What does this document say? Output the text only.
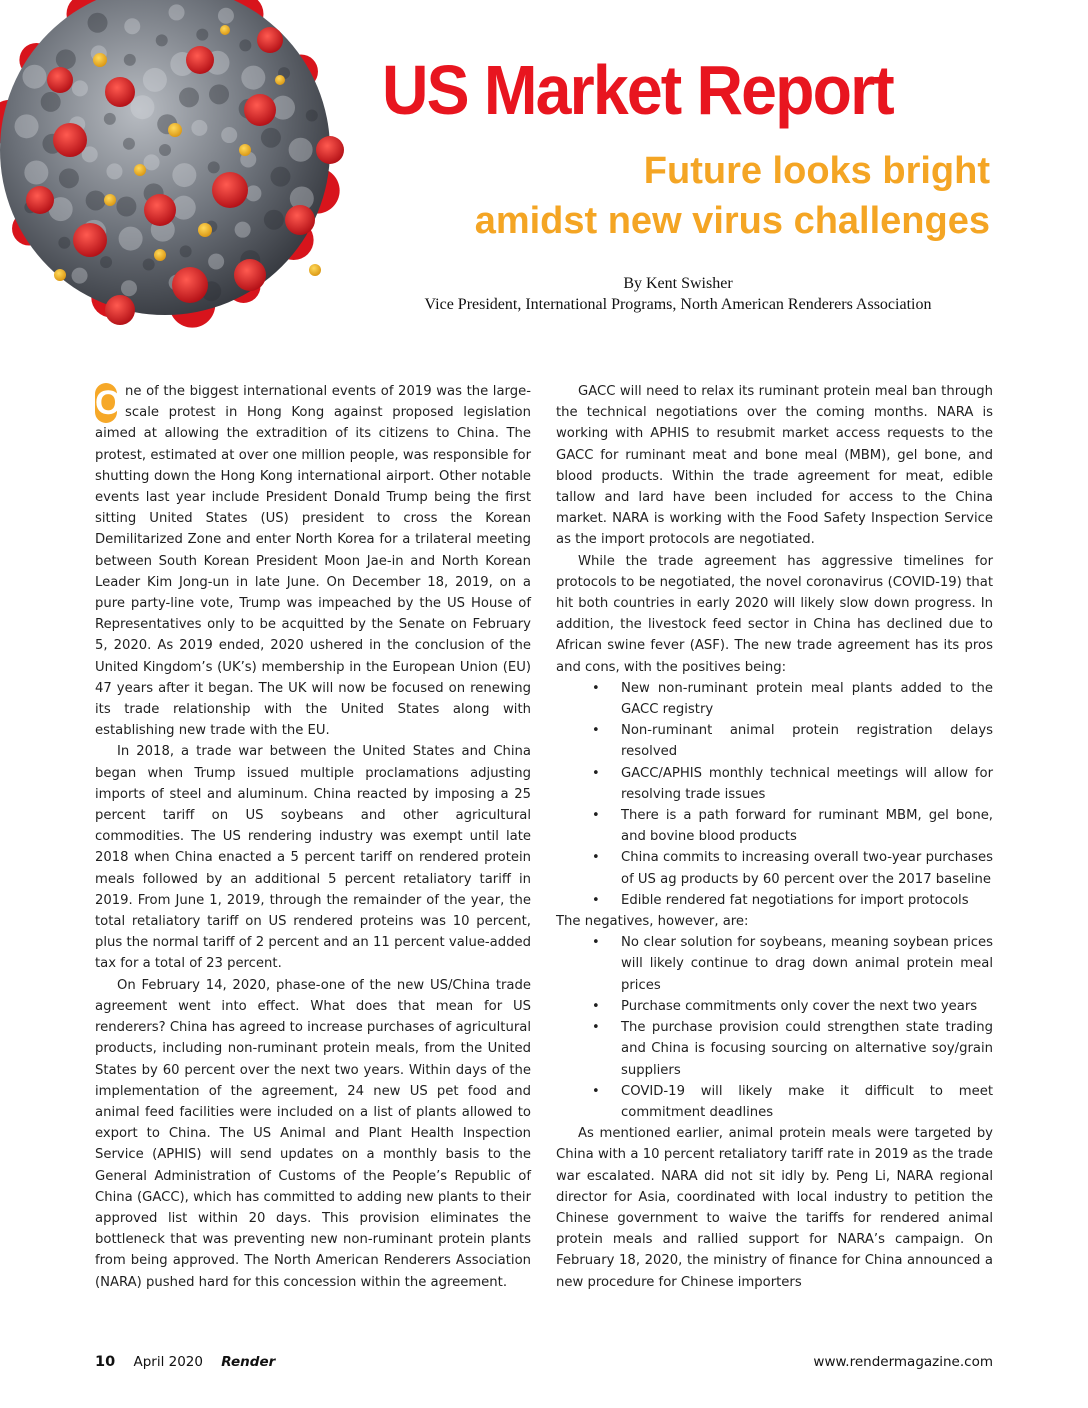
US Market Report
Future looks bright
amidst new virus challenges
By Kent Swisher
Vice President, International Programs, North American Renderers Association

O ne of the biggest international events of 2019 was the large-scale protest in Hong Kong against proposed legislation aimed at allowing the extradition of its citizens to China. The protest, estimated at over one million people, was responsible for shutting down the Hong Kong international airport. Other notable events last year include President Donald Trump being the first sitting United States (US) president to cross the Korean Demilitarized Zone and enter North Korea for a trilateral meeting between South Korean President Moon Jae-in and North Korean Leader Kim Jong-un in late June. On December 18, 2019, on a pure party-line vote, Trump was impeached by the US House of Representatives only to be acquitted by the Senate on February 5, 2020. As 2019 ended, 2020 ushered in the conclusion of the United Kingdom’s (UK’s) membership in the European Union (EU) 47 years after it began. The UK will now be focused on renewing its trade relationship with the United States along with establishing new trade with the EU.

In 2018, a trade war between the United States and China began when Trump issued multiple proclamations adjusting imports of steel and aluminum. China reacted by imposing a 25 percent tariff on US soybeans and other agricultural commodities. The US rendering industry was exempt until late 2018 when China enacted a 5 percent tariff on rendered protein meals followed by an additional 5 percent retaliatory tariff in 2019. From June 1, 2019, through the remainder of the year, the total retaliatory tariff on US rendered proteins was 10 percent, plus the normal tariff of 2 percent and an 11 percent value-added tax for a total of 23 percent.

On February 14, 2020, phase-one of the new US/China trade agreement went into effect. What does that mean for US renderers? China has agreed to increase purchases of agricultural products, including non-ruminant protein meals, from the United States by 60 percent over the next two years. Within days of the implementation of the agreement, 24 new US pet food and animal feed facilities were included on a list of plants allowed to export to China. The US Animal and Plant Health Inspection Service (APHIS) will send updates on a monthly basis to the General Administration of Customs of the People’s Republic of China (GACC), which has committed to adding new plants to their approved list within 20 days. This provision eliminates the bottleneck that was preventing new non-ruminant protein plants from being approved. The North American Renderers Association (NARA) pushed hard for this concession within the agreement.

GACC will need to relax its ruminant protein meal ban through the technical negotiations over the coming months. NARA is working with APHIS to resubmit market access requests to the GACC for ruminant meat and bone meal (MBM), gel bone, and blood products. Within the trade agreement for meat, edible tallow and lard have been included for access to the China market. NARA is working with the Food Safety Inspection Service as the import protocols are negotiated.

While the trade agreement has aggressive timelines for protocols to be negotiated, the novel coronavirus (COVID-19) that hit both countries in early 2020 will likely slow down progress. In addition, the livestock feed sector in China has declined due to African swine fever (ASF). The new trade agreement has its pros and cons, with the positives being:

• New non-ruminant protein meal plants added to the GACC registry
• Non-ruminant animal protein registration delays resolved
• GACC/APHIS monthly technical meetings will allow for resolving trade issues
• There is a path forward for ruminant MBM, gel bone, and bovine blood products
• China commits to increasing overall two-year purchases of US ag products by 60 percent over the 2017 baseline
• Edible rendered fat negotiations for import protocols

The negatives, however, are:

• No clear solution for soybeans, meaning soybean prices will likely continue to drag down animal protein meal prices
• Purchase commitments only cover the next two years
• The purchase provision could strengthen state trading and China is focusing sourcing on alternative soy/grain suppliers
• COVID-19 will likely make it difficult to meet commitment deadlines

As mentioned earlier, animal protein meals were targeted by China with a 10 percent retaliatory tariff rate in 2019 as the trade war escalated. NARA did not sit idly by. Peng Li, NARA regional director for Asia, coordinated with local industry to petition the Chinese government to waive the tariffs for rendered animal protein meals and rallied support for NARA’s campaign. On February 18, 2020, the ministry of finance for China announced a new procedure for Chinese importers

10 April 2020 Render	www.rendermagazine.com
